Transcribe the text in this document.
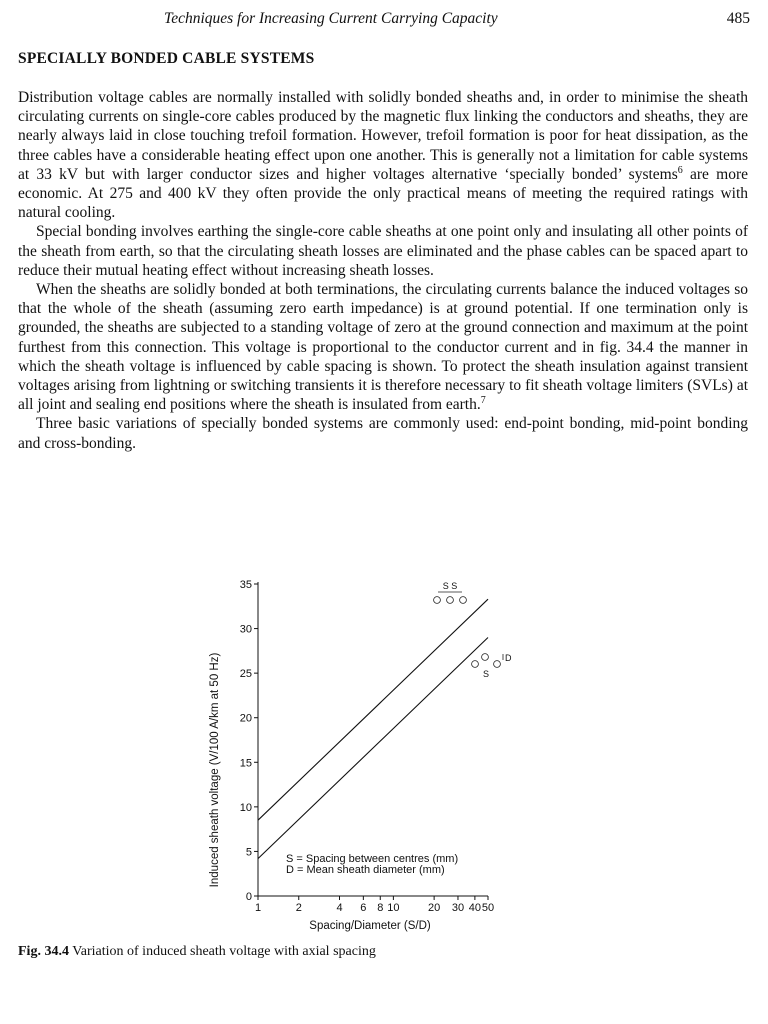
Techniques for Increasing Current Carrying Capacity	485
SPECIALLY BONDED CABLE SYSTEMS

Distribution voltage cables are normally installed with solidly bonded sheaths and, in order to minimise the sheath circulating currents on single-core cables produced by the magnetic flux linking the conductors and sheaths, they are nearly always laid in close touching trefoil formation. However, trefoil formation is poor for heat dissipation, as the three cables have a considerable heating effect upon one another. This is generally not a limitation for cable systems at 33 kV but with larger conductor sizes and higher voltages alternative ‘specially bonded’ systems$^6$ are more economic. At 275 and 400 kV they often provide the only practical means of meeting the required ratings with natural cooling.

Special bonding involves earthing the single-core cable sheaths at one point only and insulating all other points of the sheath from earth, so that the circulating sheath losses are eliminated and the phase cables can be spaced apart to reduce their mutual heating effect without increasing sheath losses.

When the sheaths are solidly bonded at both terminations, the circulating currents balance the induced voltages so that the whole of the sheath (assuming zero earth impedance) is at ground potential. If one termination only is grounded, the sheaths are subjected to a standing voltage of zero at the ground connection and maximum at the point furthest from this connection. This voltage is proportional to the conductor current and in fig. 34.4 the manner in which the sheath voltage is influenced by cable spacing is shown. To protect the sheath insulation against transient voltages arising from lightning or switching transients it is therefore necessary to fit sheath voltage limiters (SVLs) at all joint and sealing end positions where the sheath is insulated from earth.$^7$

Three basic variations of specially bonded systems are commonly used: end-point bonding, mid-point bonding and cross-bonding.

0
5
10
15
20
25
30
35
1	2	4 6 8 10	20 30 40 50
Induced sheath voltage (V/100 A/km at 50 Hz)
Spacing/Diameter (S/D)
S S
D
S
S = Spacing between centres (mm)
D = Mean sheath diameter (mm)
Fig. 34.4 Variation of induced sheath voltage with axial spacing
